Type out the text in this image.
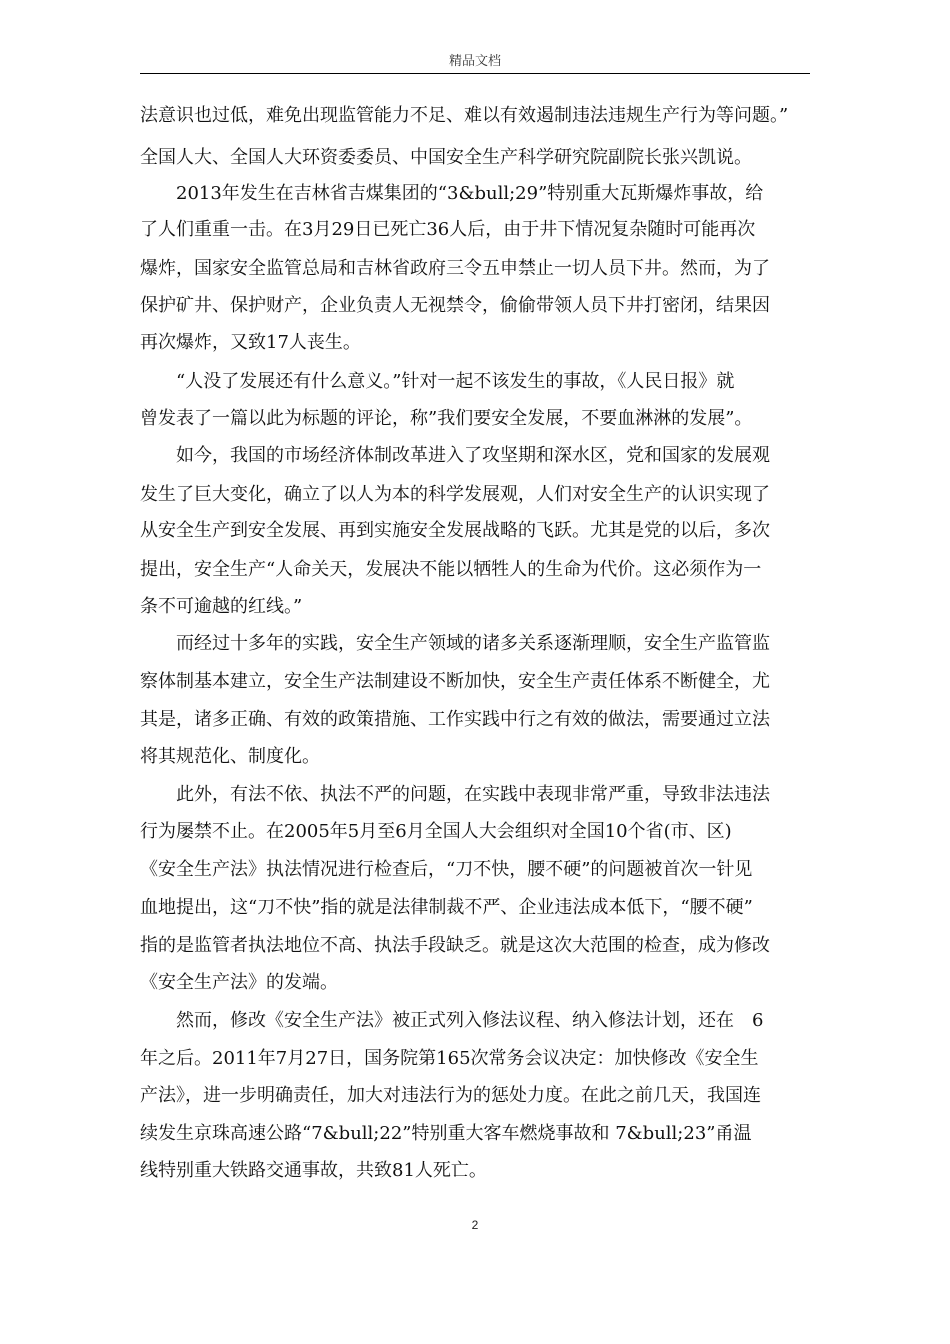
精品文档
法意识也过低，难免出现监管能力不足、难以有效遏制违法违规生产行为等问题。”
全国人大、全国人大环资委委员、中国安全生产科学研究院副院长张兴凯说。
　　2013年发生在吉林省吉煤集团的“3&bull;29”特别重大瓦斯爆炸事故，给
了人们重重一击。在3月29日已死亡36人后，由于井下情况复杂随时可能再次
爆炸，国家安全监管总局和吉林省政府三令五申禁止一切人员下井。然而，为了
保护矿井、保护财产，企业负责人无视禁令，偷偷带领人员下井打密闭，结果因
再次爆炸，又致17人丧生。
　　“人没了发展还有什么意义。”针对一起不该发生的事故，《人民日报》就
曾发表了一篇以此为标题的评论，称”我们要安全发展，不要血淋淋的发展”。
　　如今，我国的市场经济体制改革进入了攻坚期和深水区，党和国家的发展观
发生了巨大变化，确立了以人为本的科学发展观，人们对安全生产的认识实现了
从安全生产到安全发展、再到实施安全发展战略的飞跃。尤其是党的以后，多次
提出，安全生产“人命关天，发展决不能以牺牲人的生命为代价。这必须作为一
条不可逾越的红线。”
　　而经过十多年的实践，安全生产领域的诸多关系逐渐理顺，安全生产监管监
察体制基本建立，安全生产法制建设不断加快，安全生产责任体系不断健全，尤
其是，诸多正确、有效的政策措施、工作实践中行之有效的做法，需要通过立法
将其规范化、制度化。
　　此外，有法不依、执法不严的问题，在实践中表现非常严重，导致非法违法
行为屡禁不止。在2005年5月至6月全国人大会组织对全国10个省(市、区)
《安全生产法》执法情况进行检查后，“刀不快，腰不硬”的问题被首次一针见
血地提出，这“刀不快”指的就是法律制裁不严、企业违法成本低下，“腰不硬”
指的是监管者执法地位不高、执法手段缺乏。就是这次大范围的检查，成为修改
《安全生产法》的发端。
　　然而，修改《安全生产法》被正式列入修法议程、纳入修法计划，还在　6
年之后。2011年7月27日，国务院第165次常务会议决定：加快修改《安全生
产法》，进一步明确责任，加大对违法行为的惩处力度。在此之前几天，我国连
续发生京珠高速公路“7&bull;22”特别重大客车燃烧事故和 7&bull;23”甬温
线特别重大铁路交通事故，共致81人死亡。
2
